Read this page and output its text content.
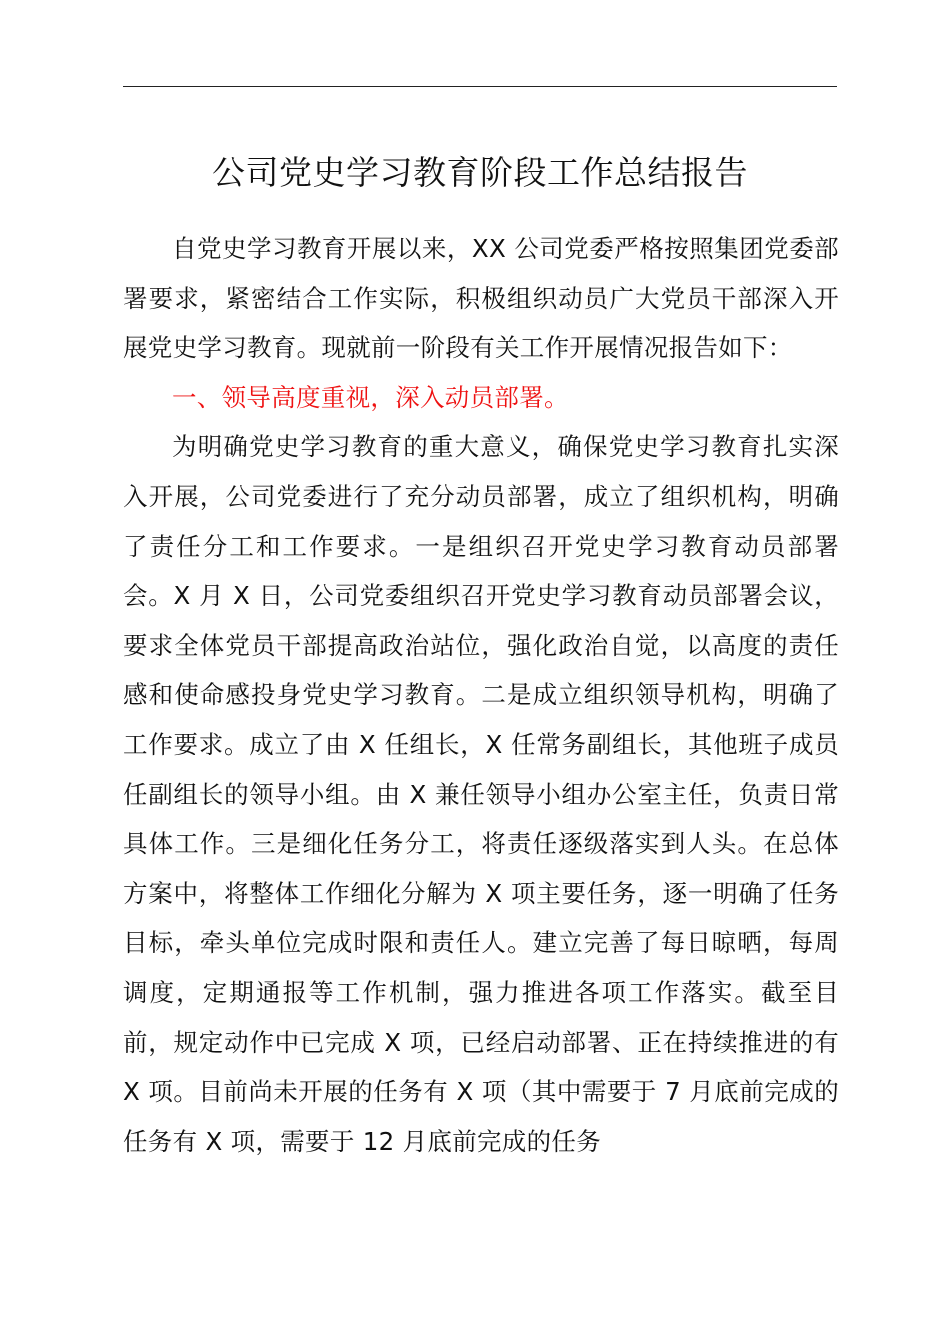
公司党史学习教育阶段工作总结报告

自党史学习教育开展以来，XX 公司党委严格按照集团党委部署要求，紧密结合工作实际，积极组织动员广大党员干部深入开展党史学习教育。现就前一阶段有关工作开展情况报告如下：

一、领导高度重视，深入动员部署。

为明确党史学习教育的重大意义，确保党史学习教育扎实深入开展，公司党委进行了充分动员部署，成立了组织机构，明确了责任分工和工作要求。一是组织召开党史学习教育动员部署会。X 月 X 日，公司党委组织召开党史学习教育动员部署会议，要求全体党员干部提高政治站位，强化政治自觉，以高度的责任感和使命感投身党史学习教育。二是成立组织领导机构，明确了工作要求。成立了由 X 任组长，X 任常务副组长，其他班子成员任副组长的领导小组。由 X 兼任领导小组办公室主任，负责日常具体工作。三是细化任务分工，将责任逐级落实到人头。在总体方案中，将整体工作细化分解为 X 项主要任务，逐一明确了任务目标，牵头单位完成时限和责任人。建立完善了每日晾晒，每周调度，定期通报等工作机制，强力推进各项工作落实。截至目前，规定动作中已完成 X 项，已经启动部署、正在持续推进的有 X 项。目前尚未开展的任务有 X 项（其中需要于 7 月底前完成的任务有 X 项，需要于 12 月底前完成的任务
